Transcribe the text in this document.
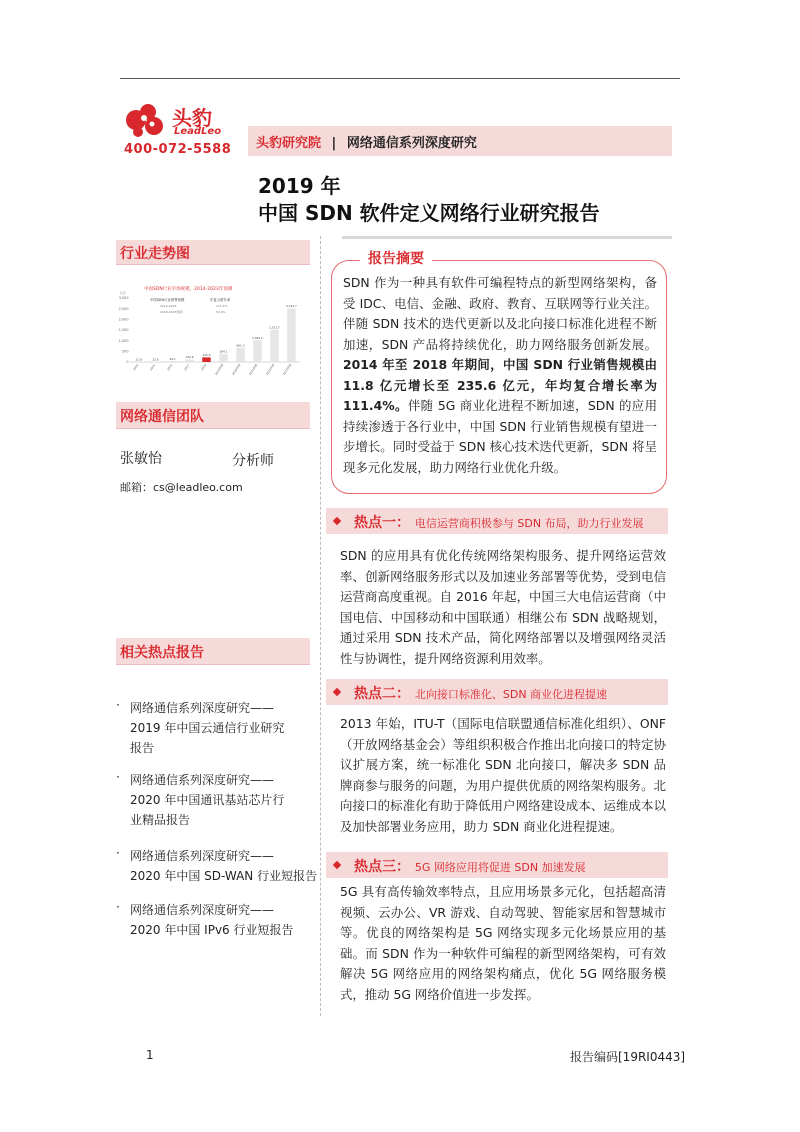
头豹
LeadLeo
400-072-5588 头豹研究院 | 网络通信系列深度研究
2019 年
中国 SDN 软件定义网络行业研究报告
行业走势图
中国SDN行业市场规模，2014-2023年预测
中国SDN行业销售规模	年复合增长率
2014-2018	111.4%
2018-2023预测	50.0%
3,000
2,500
2,000
1,500
1,000
500
0
亿元
11.8
2014
22.6
2015
49.1
2016
122.6
2017
215.6
2018
384.1
2019预测
661.3
2020预测
1,019.2
2021预测
1,511.7
2022预测
2,512.7
2023预测
网络通信团队
张敏怡	分析师
邮箱：cs@leadleo.com
相关热点报告
· 网络通信系列深度研究——
2019 年中国云通信行业研究
报告
· 网络通信系列深度研究——
2020 年中国通讯基站芯片行
业精品报告
· 网络通信系列深度研究——
2020 年中国 SD-WAN 行业短报告
· 网络通信系列深度研究——
2020 年中国 IPv6 行业短报告
报告摘要
SDN 作为一种具有软件可编程特点的新型网络架构，备受 IDC、电信、金融、政府、教育、互联网等行业关注。伴随 SDN 技术的迭代更新以及北向接口标准化进程不断加速，SDN 产品将持续优化，助力网络服务创新发展。2014 年至 2018 年期间，中国 SDN 行业销售规模由 11.8 亿元增长至 235.6 亿元，年均复合增长率为 111.4%。伴随 5G 商业化进程不断加速，SDN 的应用持续渗透于各行业中，中国 SDN 行业销售规模有望进一步增长。同时受益于 SDN 核心技术迭代更新，SDN 将呈现多元化发展，助力网络行业优化升级。
热点一： 电信运营商积极参与 SDN 布局，助力行业发展
SDN 的应用具有优化传统网络架构服务、提升网络运营效率、创新网络服务形式以及加速业务部署等优势，受到电信运营商高度重视。自 2016 年起，中国三大电信运营商（中国电信、中国移动和中国联通）相继公布 SDN 战略规划，通过采用 SDN 技术产品，简化网络部署以及增强网络灵活性与协调性，提升网络资源利用效率。
热点二： 北向接口标准化、SDN 商业化进程提速
2013 年始，ITU-T（国际电信联盟通信标准化组织）、ONF（开放网络基金会）等组织积极合作推出北向接口的特定协议扩展方案，统一标准化 SDN 北向接口，解决多 SDN 品牌商参与服务的问题，为用户提供优质的网络架构服务。北向接口的标准化有助于降低用户网络建设成本、运维成本以及加快部署业务应用，助力 SDN 商业化进程提速。
热点三： 5G 网络应用将促进 SDN 加速发展
5G 具有高传输效率特点，且应用场景多元化，包括超高清视频、云办公、VR 游戏、自动驾驶、智能家居和智慧城市等。优良的网络架构是 5G 网络实现多元化场景应用的基础。而 SDN 作为一种软件可编程的新型网络架构，可有效解决 5G 网络应用的网络架构痛点，优化 5G 网络服务模式，推动 5G 网络价值进一步发挥。
1	报告编码[19RI0443]
